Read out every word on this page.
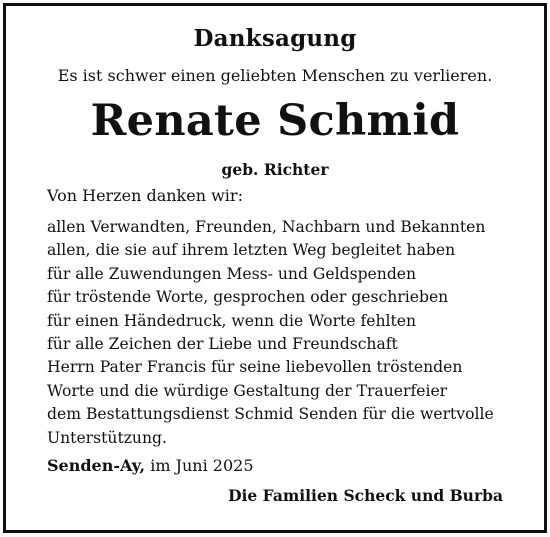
Danksagung
Es ist schwer einen geliebten Menschen zu verlieren.
Renate Schmid
geb. Richter
Von Herzen danken wir:
allen Verwandten, Freunden, Nachbarn und Bekannten
allen, die sie auf ihrem letzten Weg begleitet haben
für alle Zuwendungen Mess- und Geldspenden
für tröstende Worte, gesprochen oder geschrieben
für einen Händedruck, wenn die Worte fehlten
für alle Zeichen der Liebe und Freundschaft
Herrn Pater Francis für seine liebevollen tröstenden
Worte und die würdige Gestaltung der Trauerfeier
dem Bestattungsdienst Schmid Senden für die wertvolle
Unterstützung.
Senden-Ay, im Juni 2025
Die Familien Scheck und Burba
